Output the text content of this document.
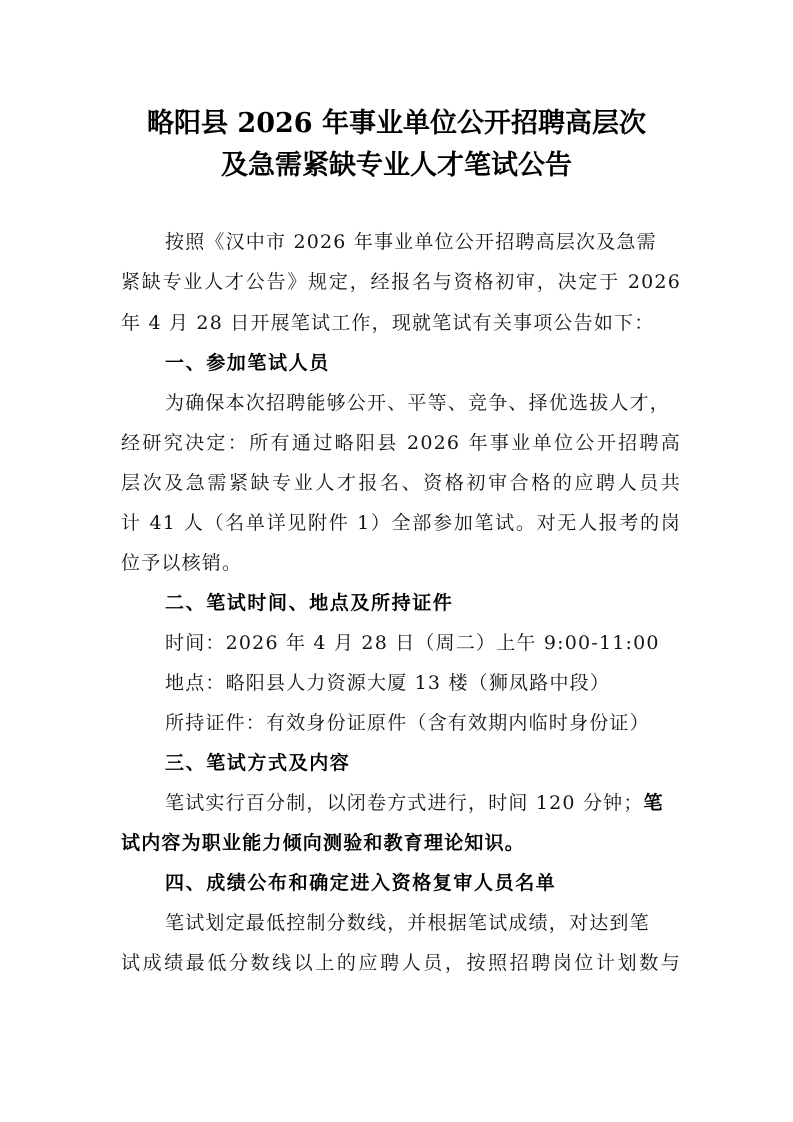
略阳县 2026 年事业单位公开招聘高层次
及急需紧缺专业人才笔试公告
按照《汉中市 2026 年事业单位公开招聘高层次及急需
紧缺专业人才公告》规定，经报名与资格初审，决定于 2026
年 4 月 28 日开展笔试工作，现就笔试有关事项公告如下：
一、参加笔试人员
为确保本次招聘能够公开、平等、竞争、择优选拔人才，
经研究决定：所有通过略阳县 2026 年事业单位公开招聘高
层次及急需紧缺专业人才报名、资格初审合格的应聘人员共
计 41 人（名单详见附件 1）全部参加笔试。对无人报考的岗
位予以核销。
二、笔试时间、地点及所持证件
时间：2026 年 4 月 28 日（周二）上午 9:00-11:00
地点：略阳县人力资源大厦 13 楼（狮凤路中段）
所持证件：有效身份证原件（含有效期内临时身份证）
三、笔试方式及内容
笔试实行百分制，以闭卷方式进行，时间 120 分钟；笔
试内容为职业能力倾向测验和教育理论知识。
四、成绩公布和确定进入资格复审人员名单
笔试划定最低控制分数线，并根据笔试成绩，对达到笔
试成绩最低分数线以上的应聘人员，按照招聘岗位计划数与
